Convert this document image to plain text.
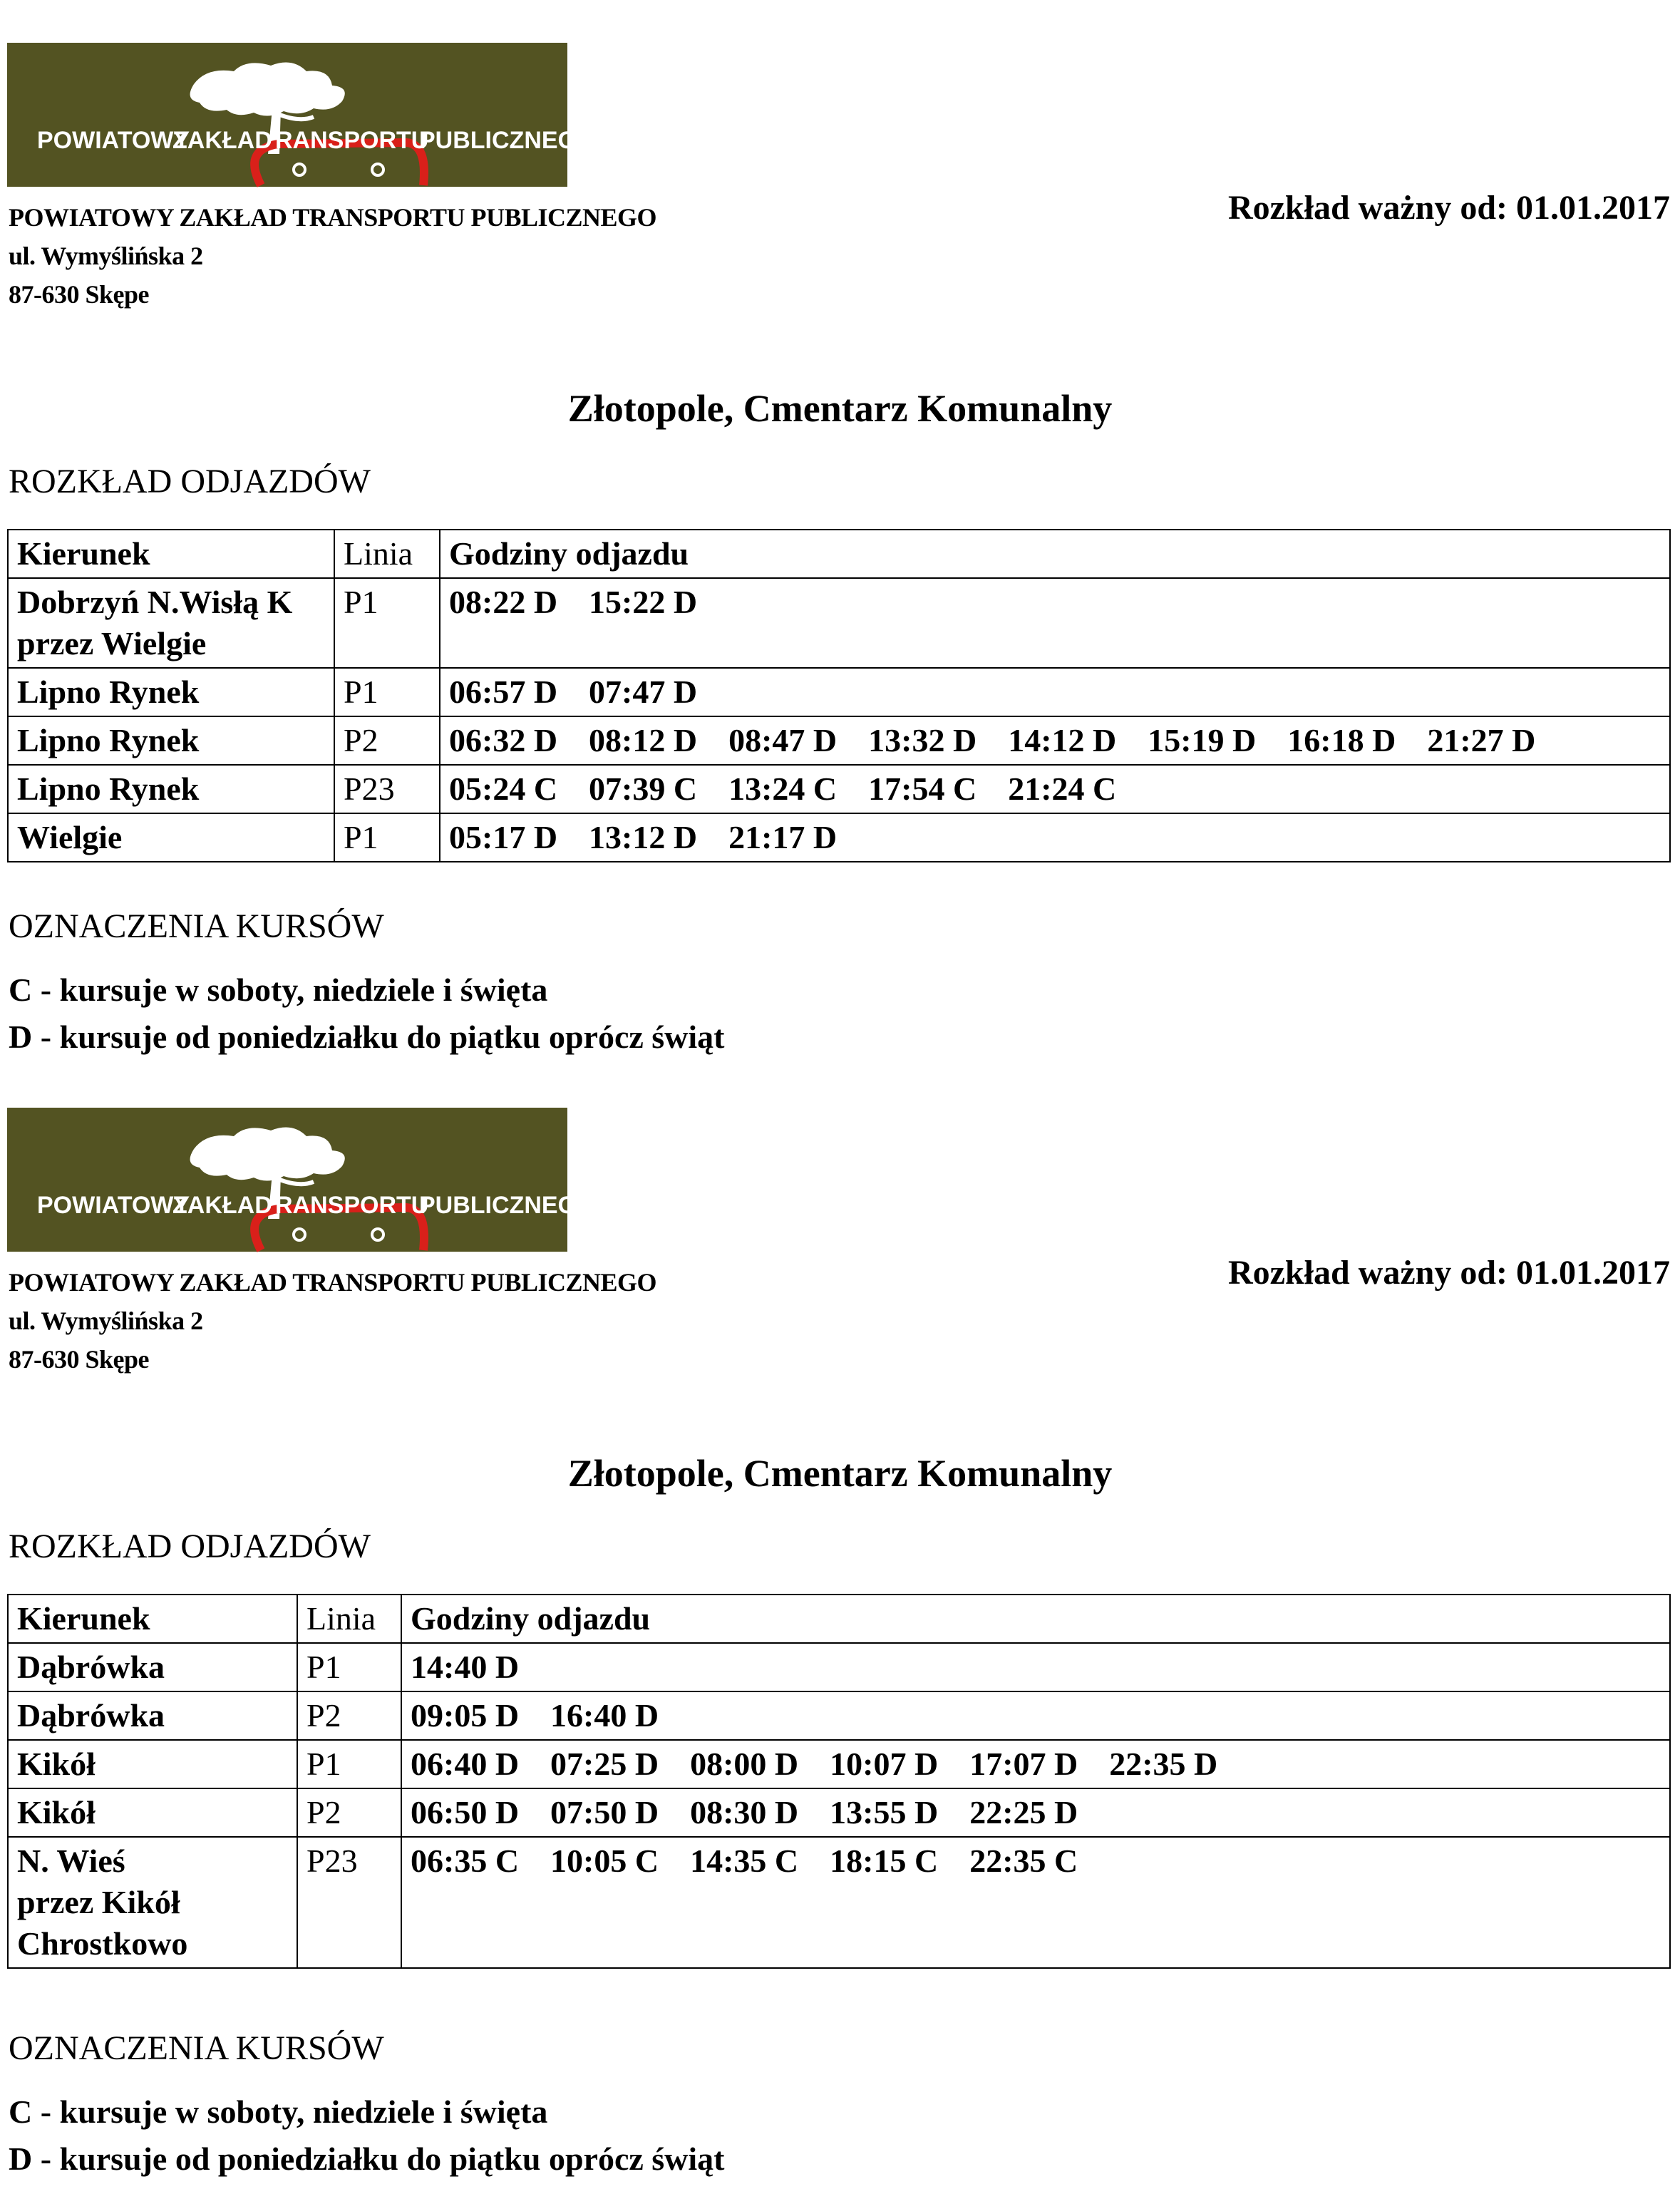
POWIATOWY
ZAKŁAD RANSPORTU
PUBLICZNEGO
POWIATOWY ZAKŁAD TRANSPORTU PUBLICZNEGO
ul. Wymyślińska 2
87-630 Skępe
Rozkład ważny od: 01.01.2017
Złotopole, Cmentarz Komunalny
ROZKŁAD ODJAZDÓW
Kierunek	Linia	Godziny odjazdu

Dobrzyń N.Wisłą K
przez Wielgie	P1	08:22 D 15:22 D

Lipno Rynek	P1	06:57 D 07:47 D

Lipno Rynek	P2	06:32 D 08:12 D 08:47 D 13:32 D 14:12 D 15:19 D 16:18 D 21:27 D

Lipno Rynek	P23	05:24 C 07:39 C 13:24 C 17:54 C 21:24 C

Wielgie	P1	05:17 D 13:12 D 21:17 D
OZNACZENIA KURSÓW
C - kursuje w soboty, niedziele i święta
D - kursuje od poniedziałku do piątku oprócz świąt
POWIATOWY
ZAKŁAD RANSPORTU
PUBLICZNEGO
POWIATOWY ZAKŁAD TRANSPORTU PUBLICZNEGO
ul. Wymyślińska 2
87-630 Skępe
Rozkład ważny od: 01.01.2017
Złotopole, Cmentarz Komunalny
ROZKŁAD ODJAZDÓW
Kierunek	Linia	Godziny odjazdu

Dąbrówka	P1	14:40 D

Dąbrówka	P2	09:05 D 16:40 D

Kikół	P1	06:40 D 07:25 D 08:00 D 10:07 D 17:07 D 22:35 D

Kikół	P2	06:50 D 07:50 D 08:30 D 13:55 D 22:25 D

N. Wieś
przez Kikół
Chrostkowo	P23	06:35 C 10:05 C 14:35 C 18:15 C 22:35 C
OZNACZENIA KURSÓW
C - kursuje w soboty, niedziele i święta
D - kursuje od poniedziałku do piątku oprócz świąt
